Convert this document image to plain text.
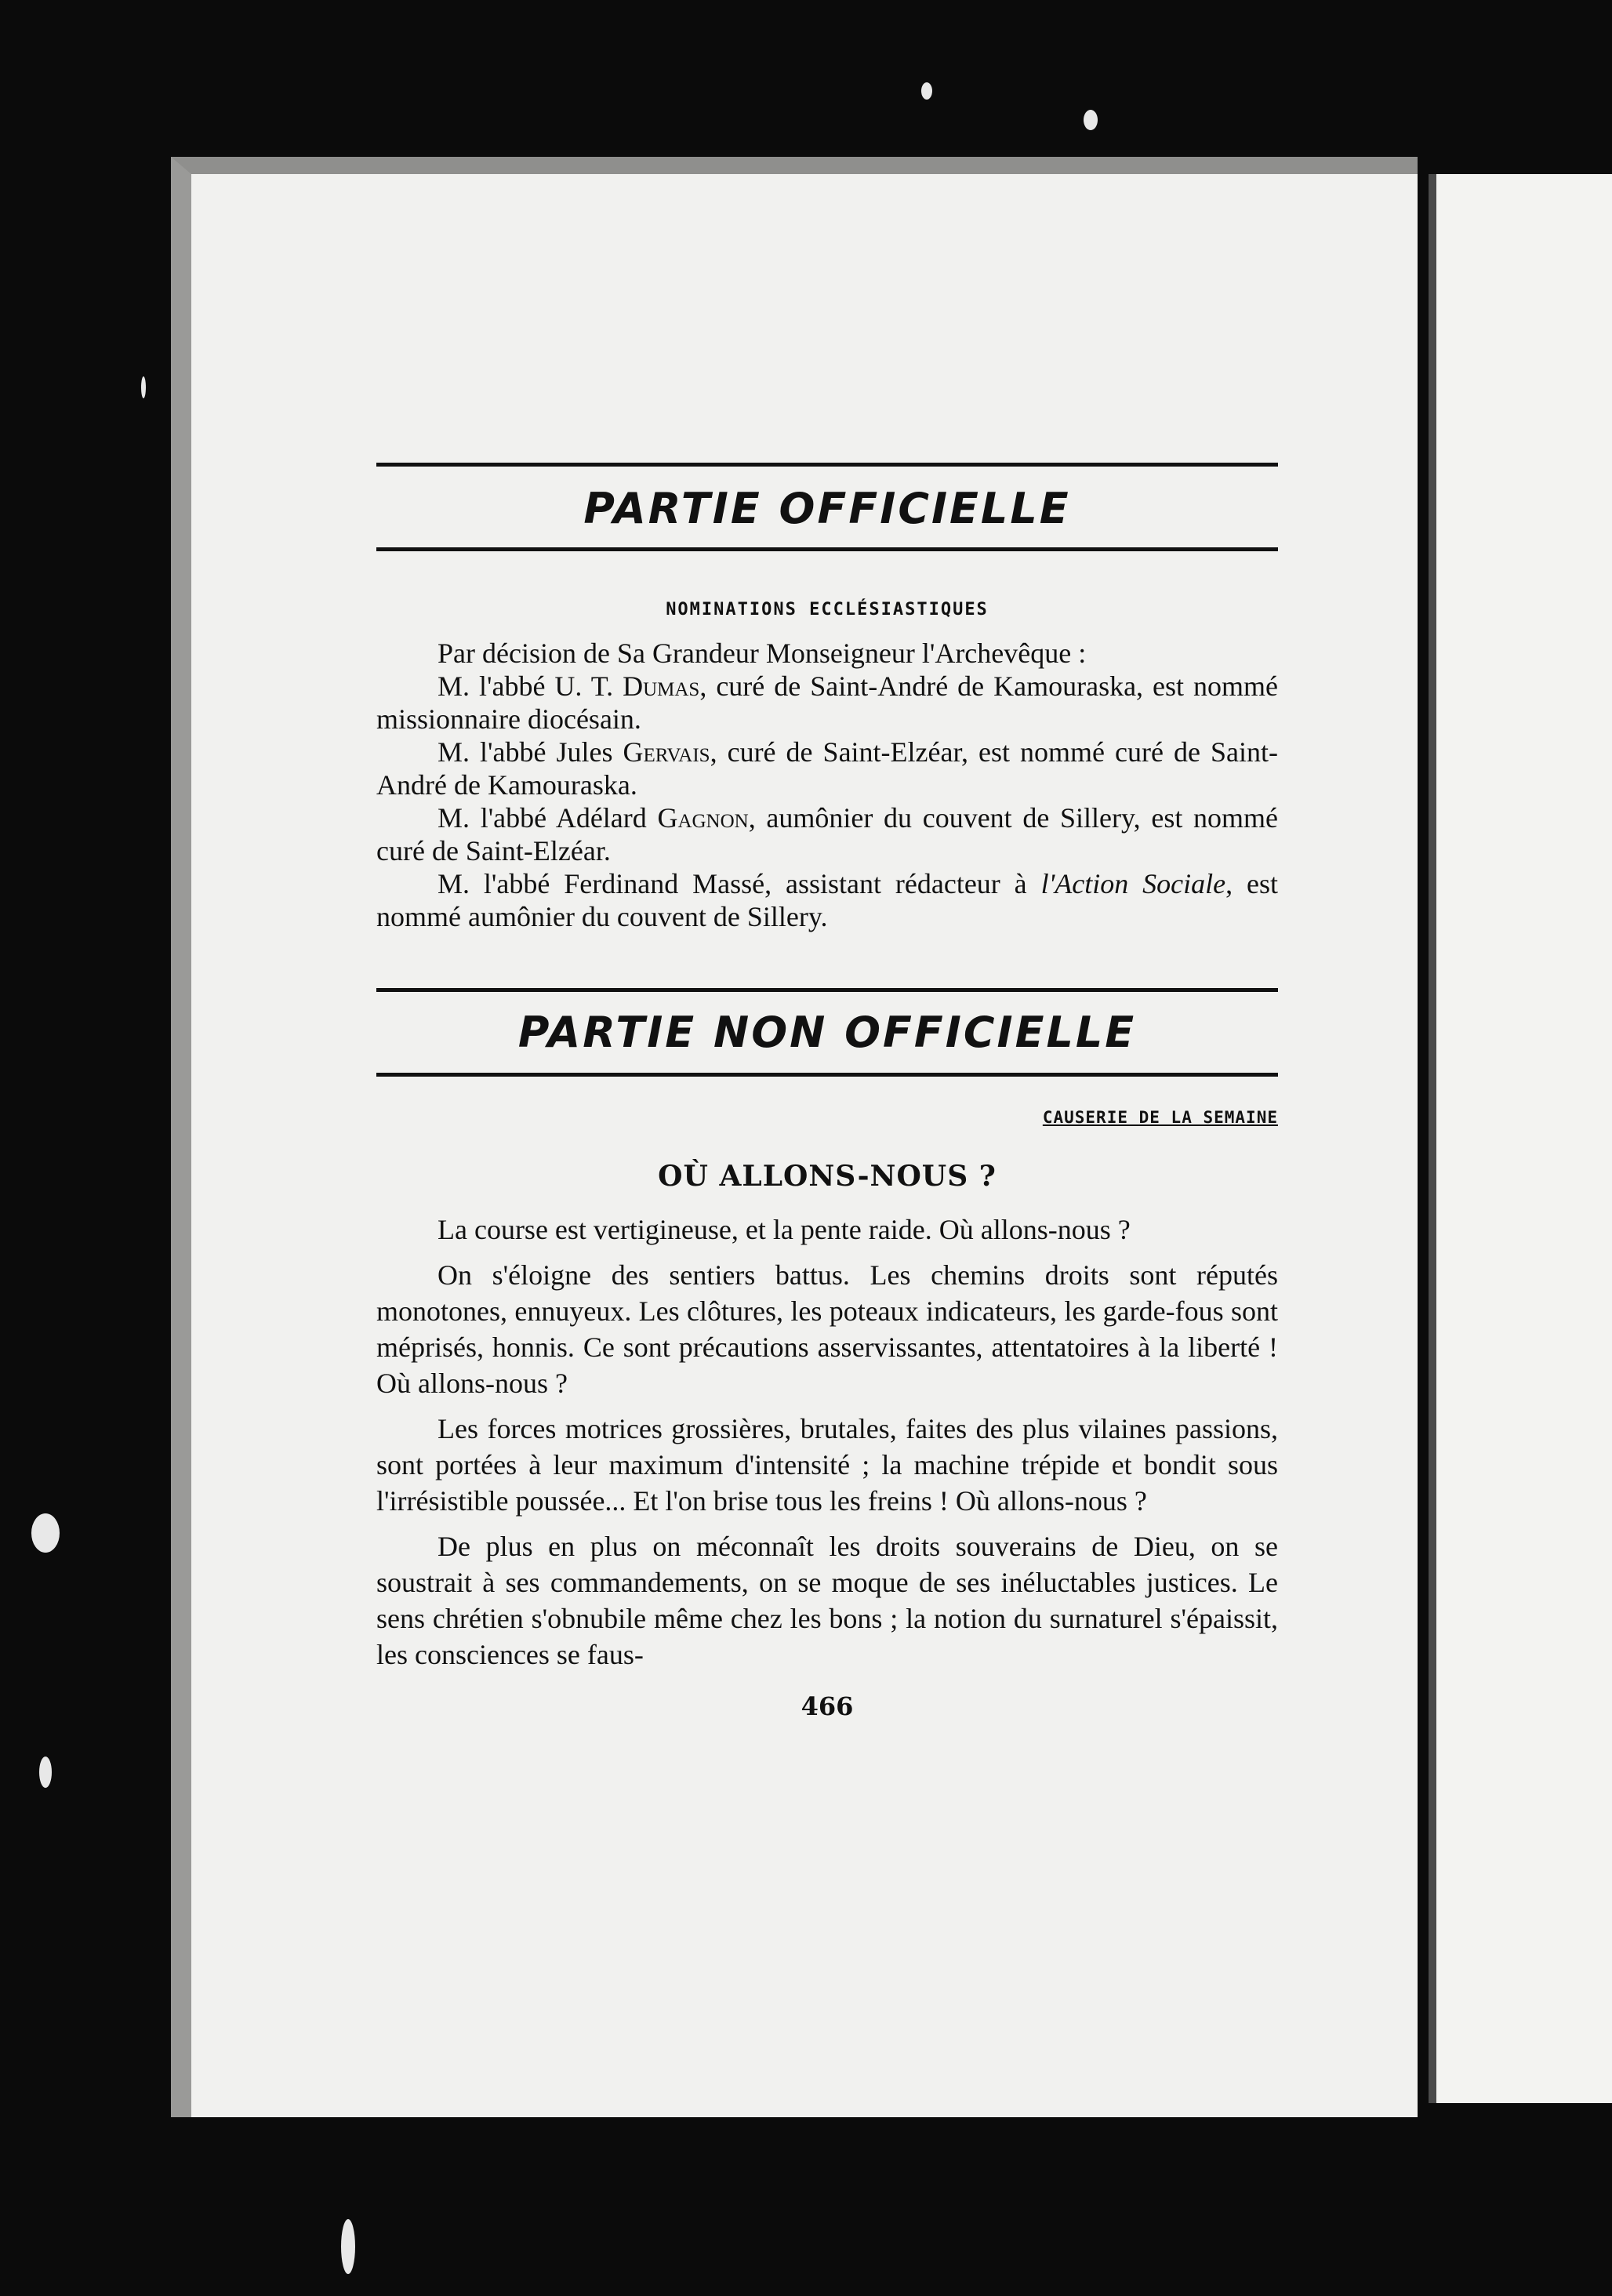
PARTIE OFFICIELLE
NOMINATIONS ECCLÉSIASTIQUES

Par décision de Sa Grandeur Monseigneur l'Archevêque :

M. l'abbé U. T. Dumas, curé de Saint-André de Kamouraska, est nommé missionnaire diocésain.

M. l'abbé Jules Gervais, curé de Saint-Elzéar, est nommé curé de Saint-André de Kamouraska.

M. l'abbé Adélard Gagnon, aumônier du couvent de Sillery, est nommé curé de Saint-Elzéar.

M. l'abbé Ferdinand Massé, assistant rédacteur à l'Action Sociale, est nommé aumônier du couvent de Sillery.

PARTIE NON OFFICIELLE
CAUSERIE DE LA SEMAINE
OÙ ALLONS-NOUS ?

La course est vertigineuse, et la pente raide. Où allons-nous ?

On s'éloigne des sentiers battus. Les chemins droits sont réputés monotones, ennuyeux. Les clôtures, les poteaux indicateurs, les garde-fous sont méprisés, honnis. Ce sont précautions asservissantes, attentatoires à la liberté ! Où allons-nous ?

Les forces motrices grossières, brutales, faites des plus vilaines passions, sont portées à leur maximum d'intensité ; la machine trépide et bondit sous l'irrésistible poussée... Et l'on brise tous les freins ! Où allons-nous ?

De plus en plus on méconnaît les droits souverains de Dieu, on se soustrait à ses commandements, on se moque de ses inéluctables justices. Le sens chrétien s'obnubile même chez les bons ; la notion du surnaturel s'épaissit, les consciences se faus-

466
